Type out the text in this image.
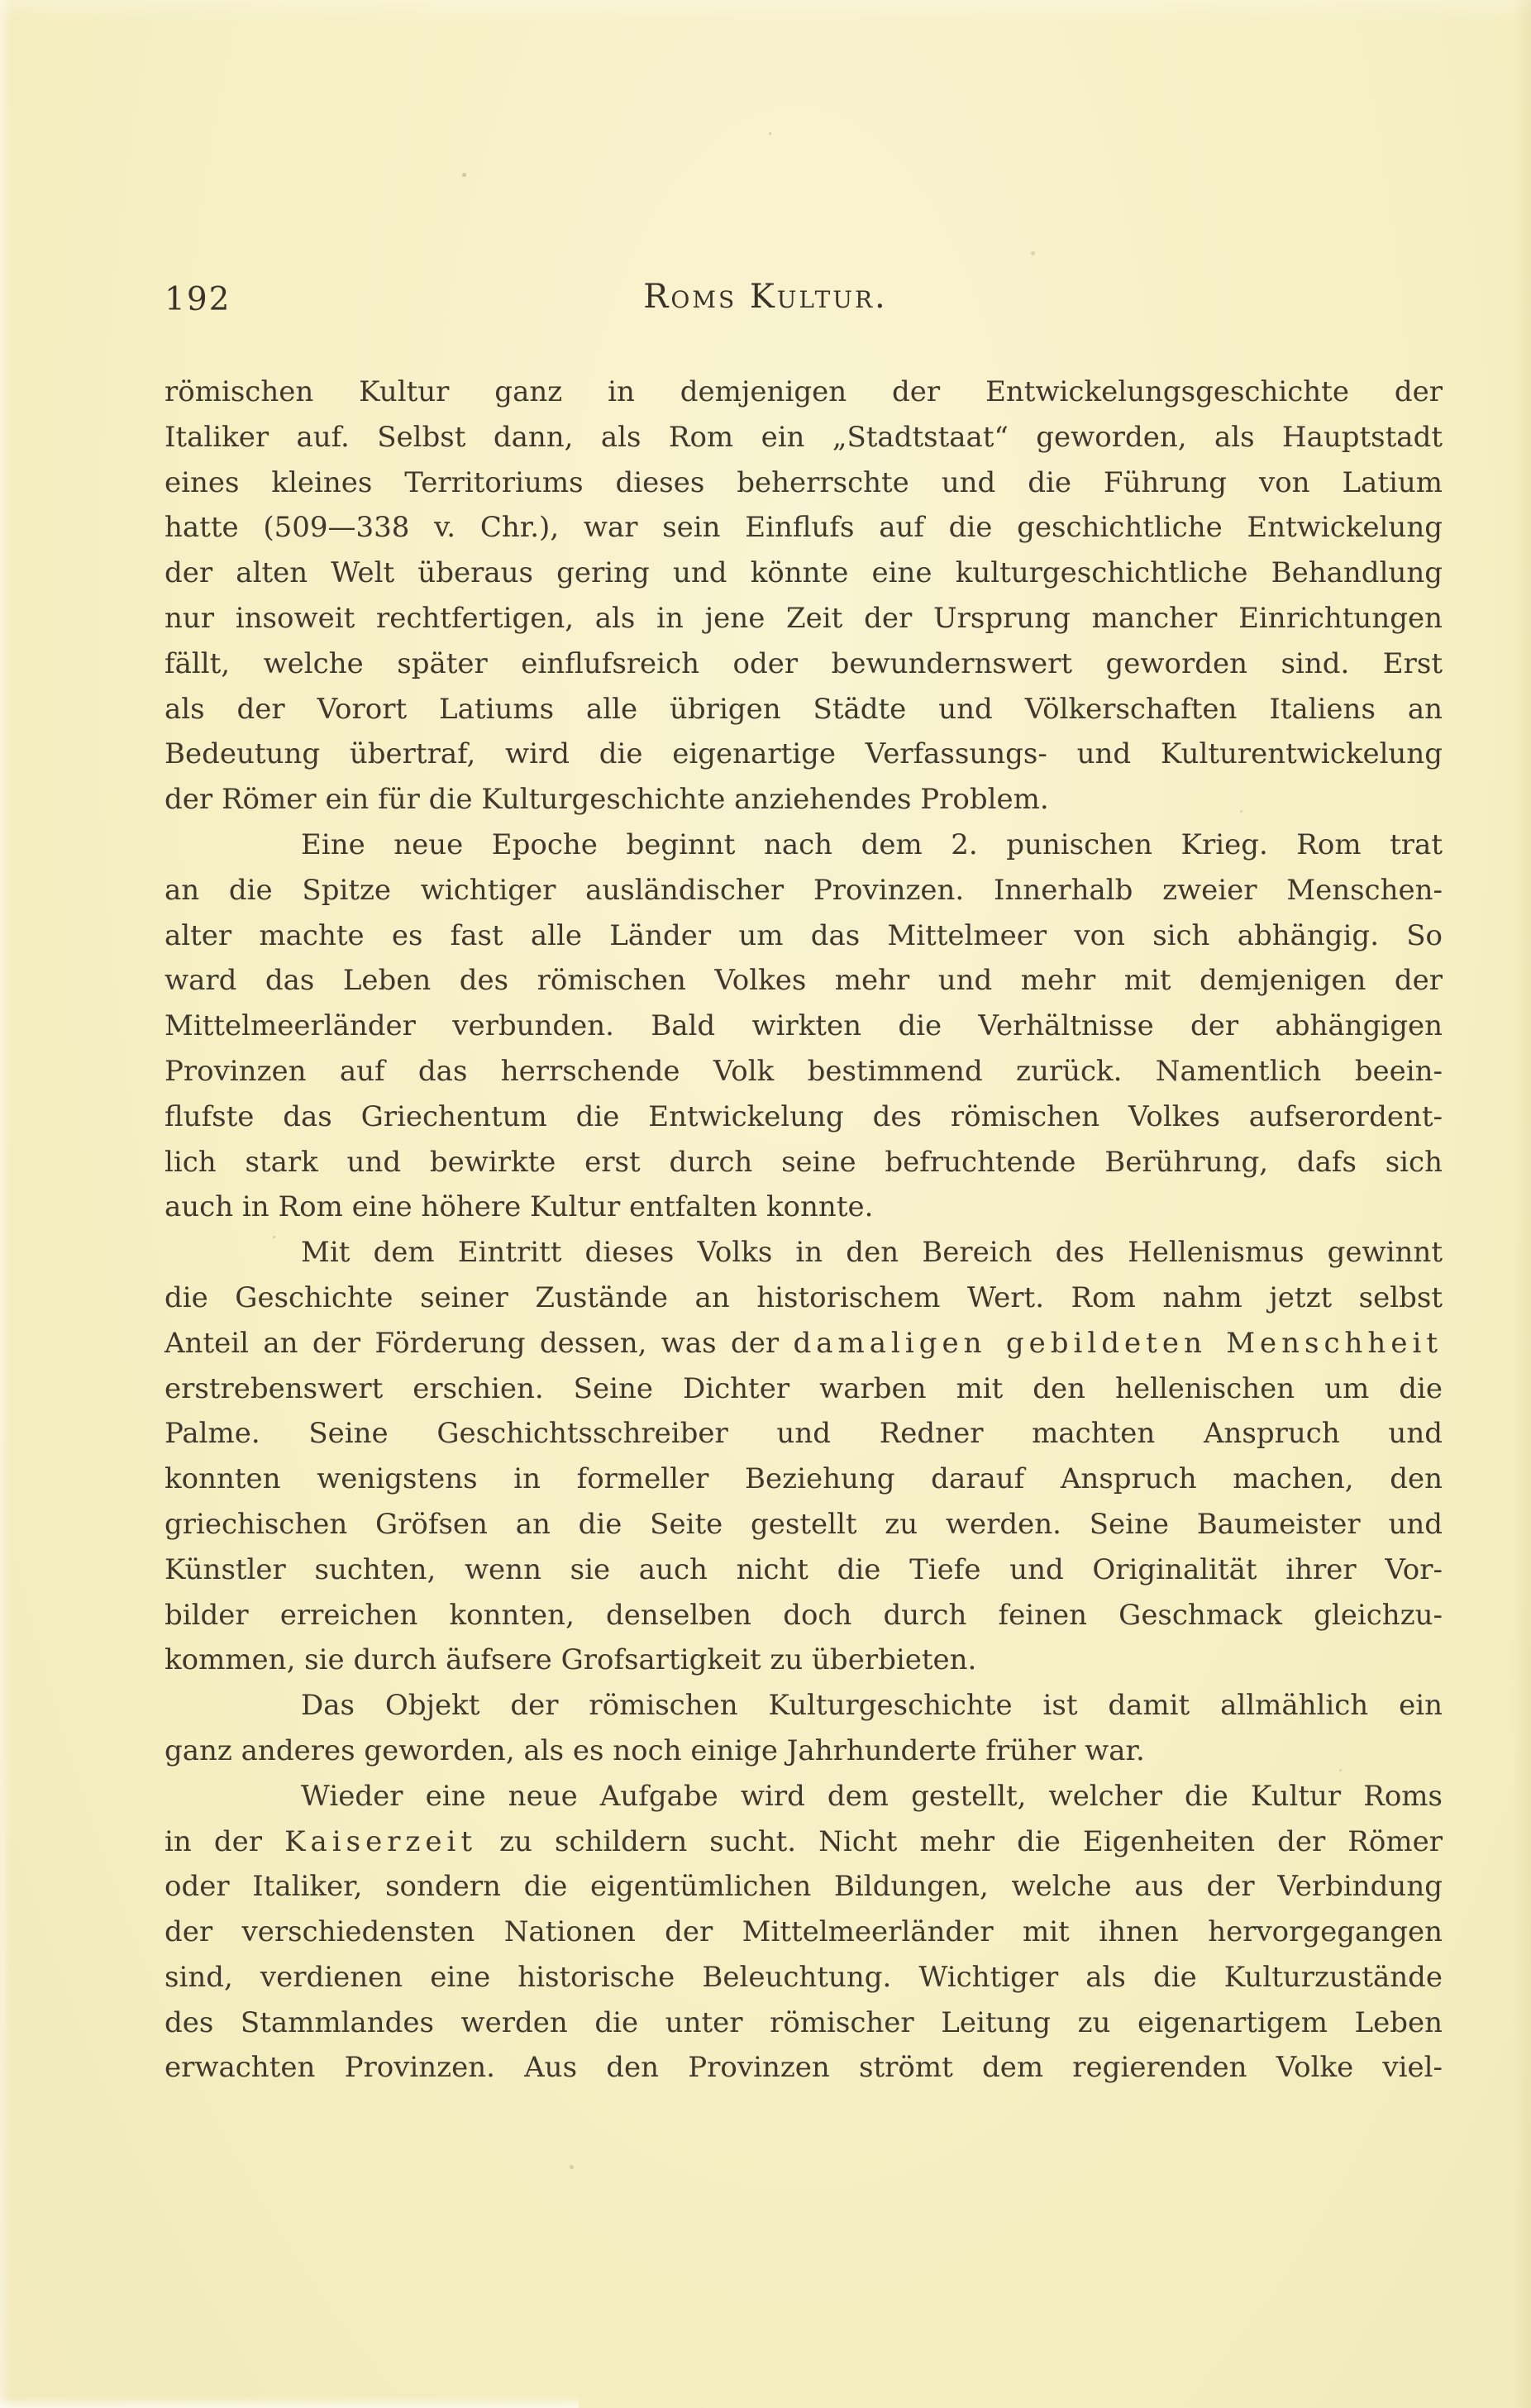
192	Roms Kultur.
römischen Kultur ganz in demjenigen der Entwickelungsgeschichte der
Italiker auf. Selbst dann, als Rom ein „Stadtstaat“ geworden, als Hauptstadt
eines kleines Territoriums dieses beherrschte und die Führung von Latium
hatte (509—338 v. Chr.), war sein Einflufs auf die geschichtliche Entwickelung
der alten Welt überaus gering und könnte eine kulturgeschichtliche Behandlung
nur insoweit rechtfertigen, als in jene Zeit der Ursprung mancher Einrichtungen
fällt, welche später einflufsreich oder bewundernswert geworden sind. Erst
als der Vorort Latiums alle übrigen Städte und Völkerschaften Italiens an
Bedeutung übertraf, wird die eigenartige Verfassungs- und Kulturentwickelung
der Römer ein für die Kulturgeschichte anziehendes Problem.
Eine neue Epoche beginnt nach dem 2. punischen Krieg. Rom trat
an die Spitze wichtiger ausländischer Provinzen. Innerhalb zweier Menschen-
alter machte es fast alle Länder um das Mittelmeer von sich abhängig. So
ward das Leben des römischen Volkes mehr und mehr mit demjenigen der
Mittelmeerländer verbunden. Bald wirkten die Verhältnisse der abhängigen
Provinzen auf das herrschende Volk bestimmend zurück. Namentlich beein-
flufste das Griechentum die Entwickelung des römischen Volkes aufserordent-
lich stark und bewirkte erst durch seine befruchtende Berührung, dafs sich
auch in Rom eine höhere Kultur entfalten konnte.
Mit dem Eintritt dieses Volks in den Bereich des Hellenismus gewinnt
die Geschichte seiner Zustände an historischem Wert. Rom nahm jetzt selbst
Anteil an der Förderung dessen, was der damaligen gebildeten Menschheit
erstrebenswert erschien. Seine Dichter warben mit den hellenischen um die
Palme. Seine Geschichtsschreiber und Redner machten Anspruch und
konnten wenigstens in formeller Beziehung darauf Anspruch machen, den
griechischen Gröfsen an die Seite gestellt zu werden. Seine Baumeister und
Künstler suchten, wenn sie auch nicht die Tiefe und Originalität ihrer Vor-
bilder erreichen konnten, denselben doch durch feinen Geschmack gleichzu-
kommen, sie durch äufsere Grofsartigkeit zu überbieten.
Das Objekt der römischen Kulturgeschichte ist damit allmählich ein
ganz anderes geworden, als es noch einige Jahrhunderte früher war.
Wieder eine neue Aufgabe wird dem gestellt, welcher die Kultur Roms
in der Kaiserzeit zu schildern sucht. Nicht mehr die Eigenheiten der Römer
oder Italiker, sondern die eigentümlichen Bildungen, welche aus der Verbindung
der verschiedensten Nationen der Mittelmeerländer mit ihnen hervorgegangen
sind, verdienen eine historische Beleuchtung. Wichtiger als die Kulturzustände
des Stammlandes werden die unter römischer Leitung zu eigenartigem Leben
erwachten Provinzen. Aus den Provinzen strömt dem regierenden Volke viel-
